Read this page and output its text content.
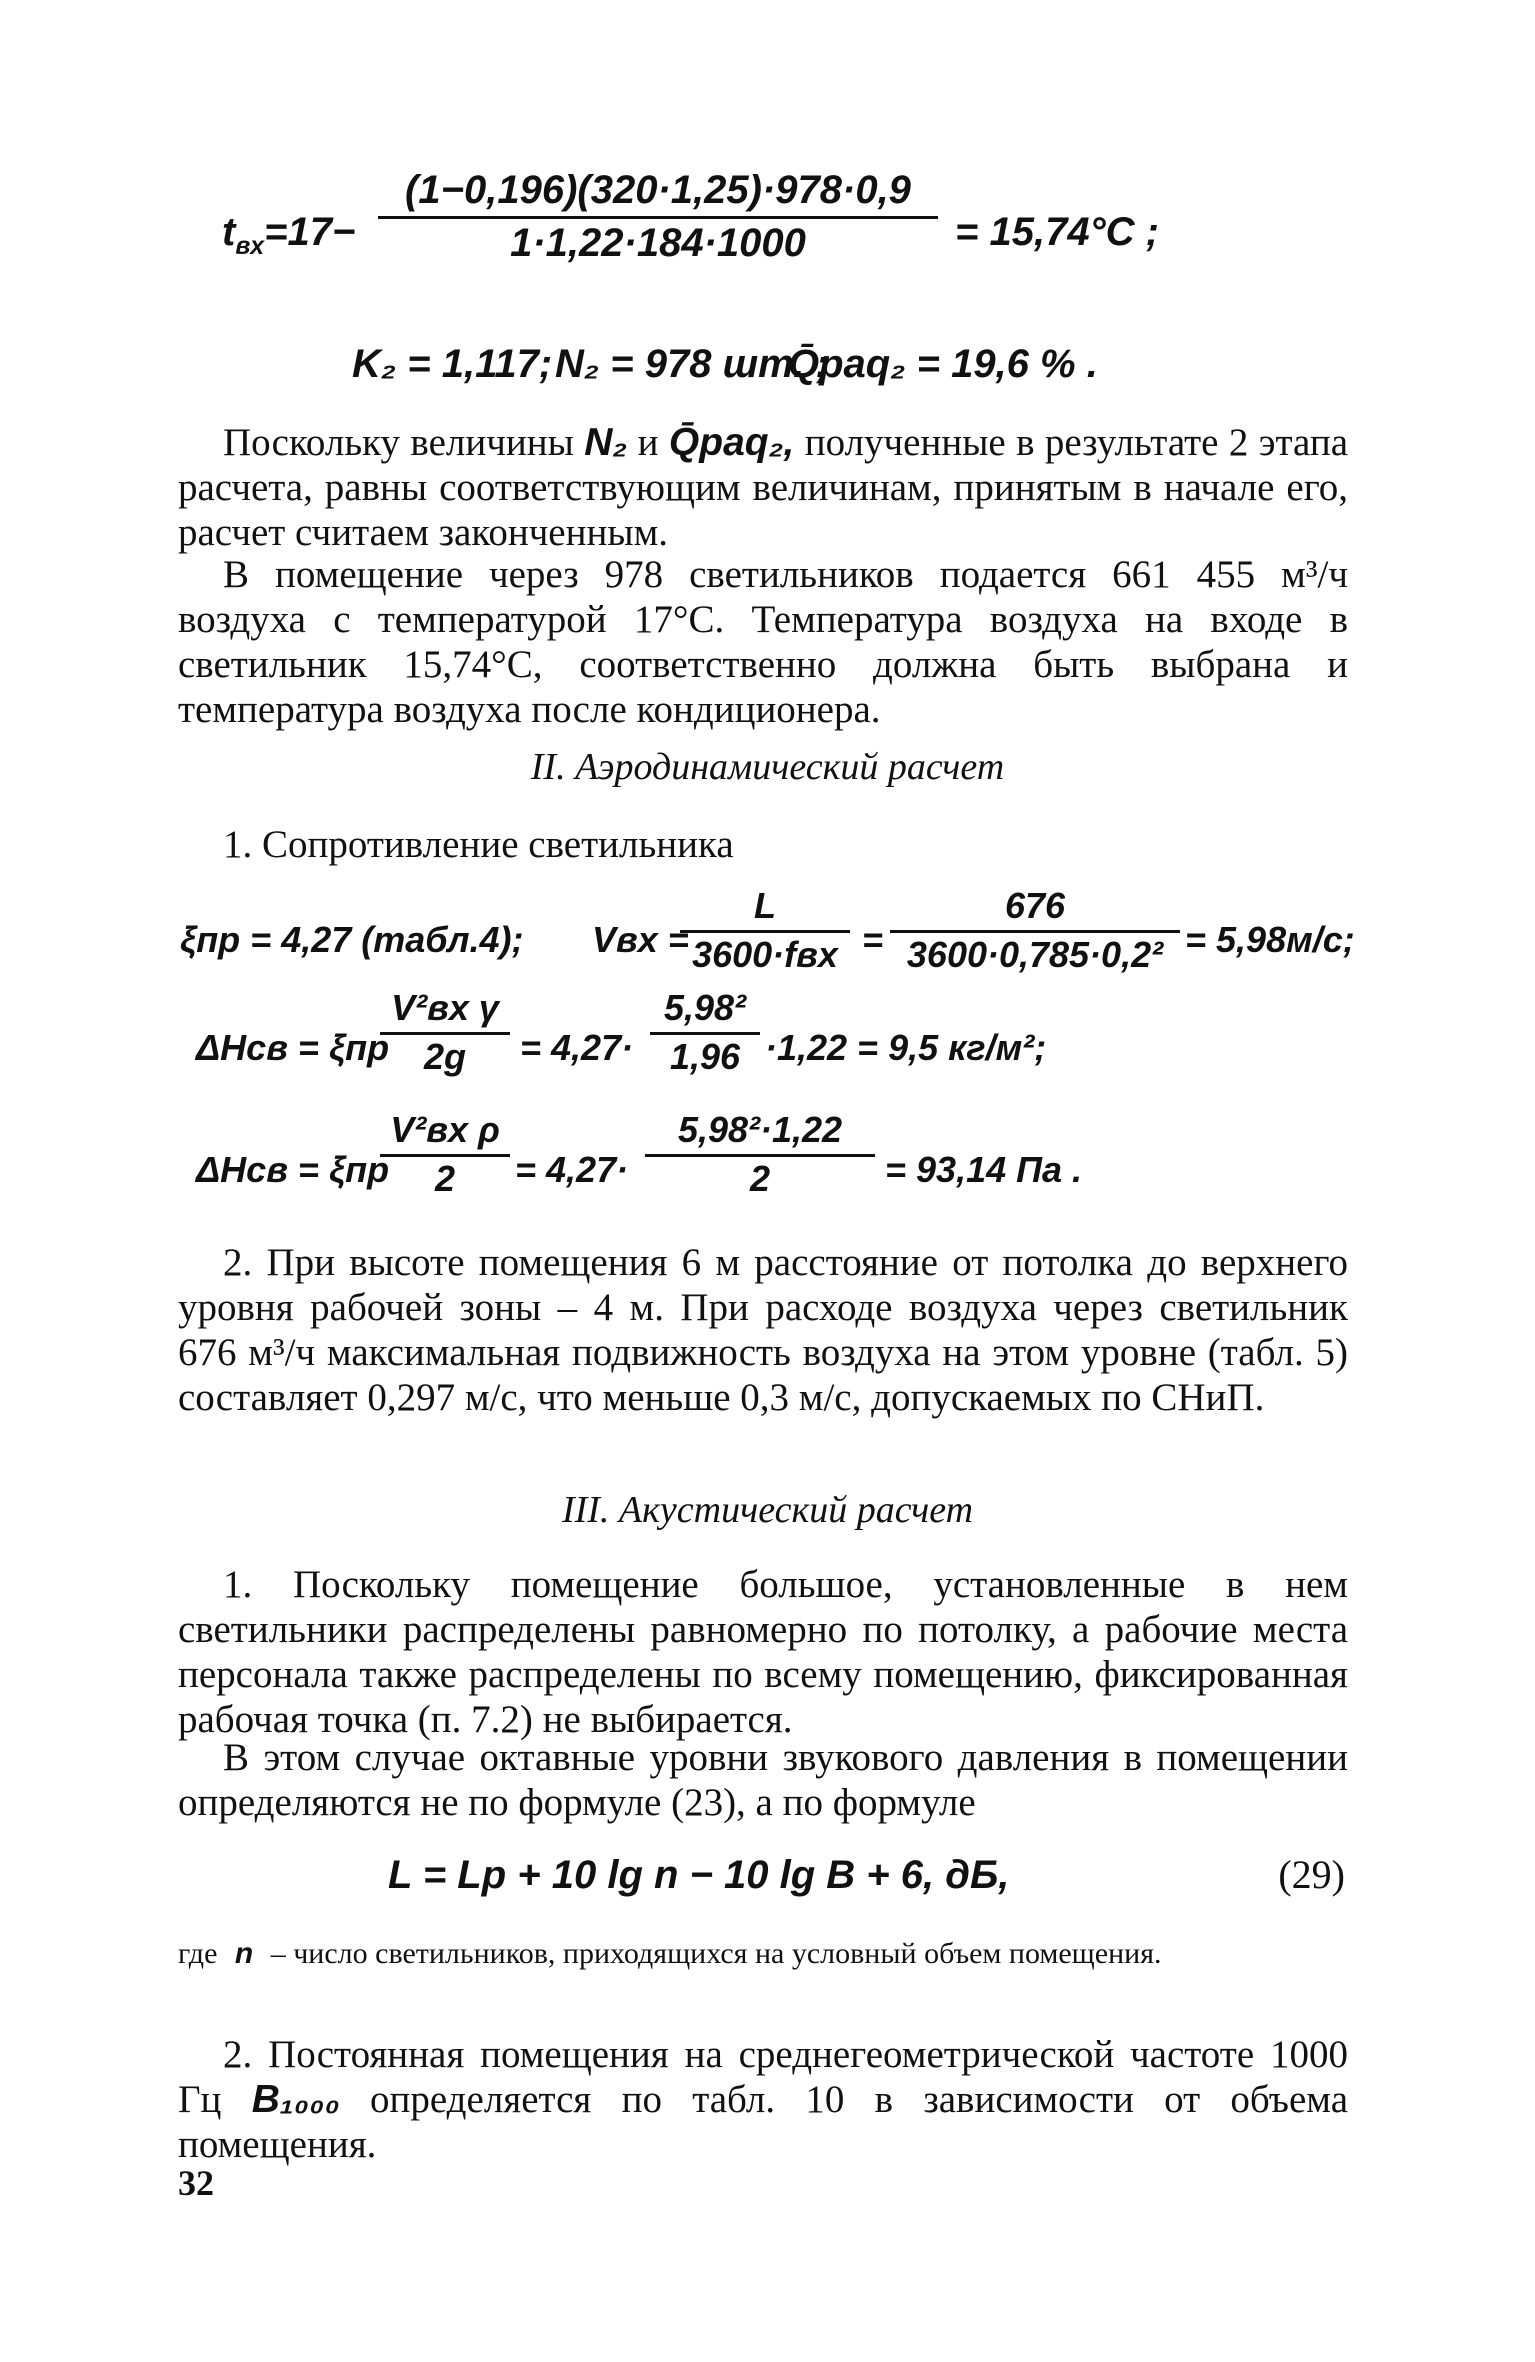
$t_{вх}=17- \frac{(1-0,196)(320\cdot 1,25)\cdot 978\cdot 0,9}{1\cdot 1,22\cdot 184\cdot 1000} = 15,74^\circ C$ ;
K₂ = 1,117; N₂ = 978 шт. ;
Q̄раq₂ = 19,6 % .

Поскольку величины N₂ и Q̄раq₂, полученные в результате 2 этапа расчета, равны соответствующим величинам, принятым в начале его, расчет считаем законченным.

В помещение через 978 светильников подается 661 455 м³/ч воздуха с температурой 17°С. Температура воздуха на входе в светильник 15,74°С, соответственно должна быть выбрана и температура воздуха после кондиционера.

II. Аэродинамический расчет

1. Сопротивление светильника

ξпр = 4,27 (табл.4); Vвх =
L
$3600\cdot fвх = \frac{676}{\text{3600·0,785·0,2²}} = 5,98м/с$;
ΔHсв = ξпр
V²вх γ
2g	= $4,27\cdot \frac{\text{5,98²}}{1,96} \cdot 1,22 = 9,5$ кг/м²;
ΔHсв = ξпр
V²вх ρ
2	= $4,27\cdot \frac{\text{5,98²·1,22}}{2} = 93,14$ Па .

2. При высоте помещения 6 м расстояние от потолка до верхнего уровня рабочей зоны – 4 м. При расходе воздуха через светильник 676 м³/ч максимальная подвижность воздуха на этом уровне (табл. 5) составляет 0,297 м/с, что меньше 0,3 м/с, допускаемых по СНиП.

III. Акустический расчет

1. Поскольку помещение большое, установленные в нем светильники распределены равномерно по потолку, а рабочие места персонала также распределены по всему помещению, фиксированная рабочая точка (п. 7.2) не выбирается.

В этом случае октавные уровни звукового давления в помещении определяются не по формуле (23), а по формуле

L = Lр + 10 lg n − 10 lg B + 6, дБ,	(29)

где n – число светильников, приходящихся на условный объем помещения.

2. Постоянная помещения на среднегеометрической частоте 1000 Гц B₁₀₀₀ определяется по табл. 10 в зависимости от объема помещения.

32
